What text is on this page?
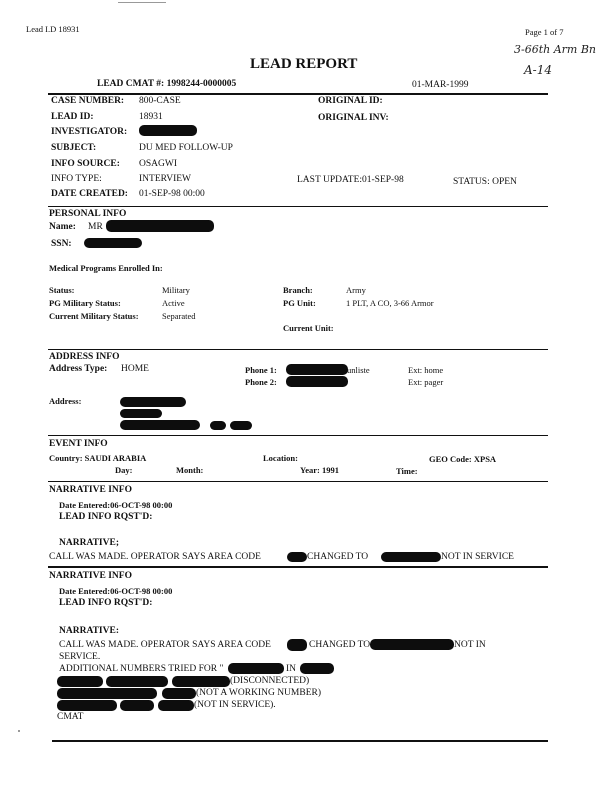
Lead I.D 18931	Page 1 of 7
3-66th Arm Bn
A-14
LEAD REPORT
LEAD CMAT #: 1998244-0000005	01-MAR-1999
CASE NUMBER: 800-CASE
LEAD ID:	18931
INVESTIGATOR:
SUBJECT:	DU MED FOLLOW-UP
INFO SOURCE: OSAGWI
INFO TYPE:	INTERVIEW
DATE CREATED: 01-SEP-98 00:00
ORIGINAL ID:
ORIGINAL INV:
LAST UPDATE:01-SEP-98	STATUS: OPEN
PERSONAL INFO
Name: MR
SSN:
Medical Programs Enrolled In:
Status:	Military
PG Military Status:	Active
Current Military Status:	Separated
Branch:	Army
PG Unit:	1 PLT, A CO, 3-66 Armor
Current Unit:
ADDRESS INFO
Address Type: HOME	Phone 1:	unliste
Phone 2:
Ext: home
Ext: pager
Address:
EVENT INFO
Country: SAUDI ARABIA
Day:	Month:
Location:
Year: 1991
GEO Code: XPSA
Time:
NARRATIVE INFO
Date Entered:06-OCT-98 00:00
LEAD INFO RQST'D:
NARRATIVE;
CALL WAS MADE. OPERATOR SAYS AREA CODE	CHANGED TO	NOT IN SERVICE
NARRATIVE INFO
Date Entered:06-OCT-98 00:00
LEAD INFO RQST'D:
NARRATIVE:
CALL WAS MADE. OPERATOR SAYS AREA CODE	CHANGED TO	NOT IN
SERVICE.
ADDITIONAL NUMBERS TRIED FOR "	IN
(DISCONNECTED)
(NOT A WORKING NUMBER)
(NOT IN SERVICE).
CMAT
